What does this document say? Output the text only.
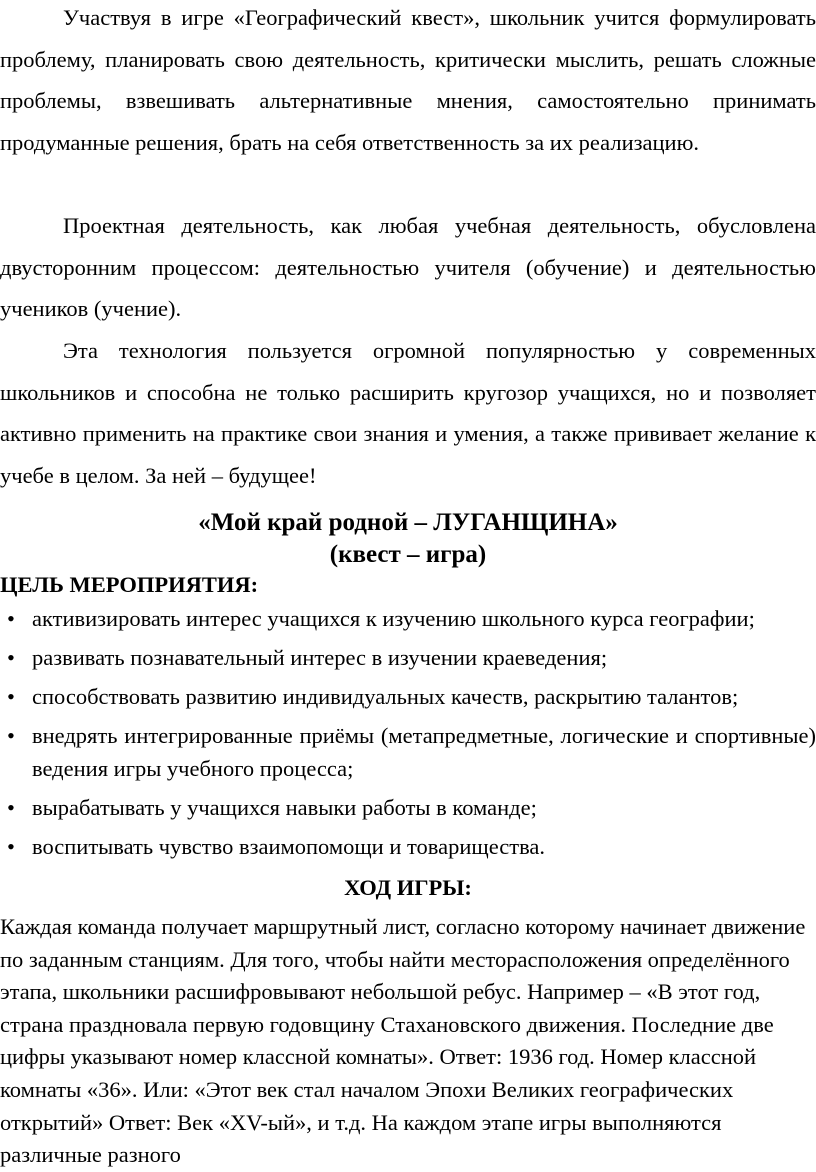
Участвуя в игре «Географический квест», школьник учится формулировать проблему, планировать свою деятельность, критически мыслить, решать сложные проблемы, взвешивать альтернативные мнения, самостоятельно принимать продуманные решения, брать на себя ответственность за их реализацию.

Проектная деятельность, как любая учебная деятельность, обусловлена двусторонним процессом: деятельностью учителя (обучение) и деятельностью учеников (учение).

Эта технология пользуется огромной популярностью у современных школьников и способна не только расширить кругозор учащихся, но и позволяет активно применить на практике свои знания и умения, а также прививает желание к учебе в целом. За ней – будущее!

«Мой край родной – ЛУГАНЩИНА»
(квест – игра)
ЦЕЛЬ МЕРОПРИЯТИЯ:
• активизировать интерес учащихся к изучению школьного курса географии;
• развивать познавательный интерес в изучении краеведения;
• способствовать развитию индивидуальных качеств, раскрытию талантов;
• внедрять интегрированные приёмы (метапредметные, логические и спортивные) ведения игры учебного процесса;
• вырабатывать у учащихся навыки работы в команде;
• воспитывать чувство взаимопомощи и товарищества.
ХОД ИГРЫ:

Каждая команда получает маршрутный лист, согласно которому начинает движение по заданным станциям. Для того, чтобы найти месторасположения определённого этапа, школьники расшифровывают небольшой ребус. Например – «В этот год, страна праздновала первую годовщину Стахановского движения. Последние две цифры указывают номер классной комнаты». Ответ: 1936 год. Номер классной комнаты «36». Или: «Этот век стал началом Эпохи Великих географических открытий» Ответ: Век «XV-ый», и т.д. На каждом этапе игры выполняются различные разного
